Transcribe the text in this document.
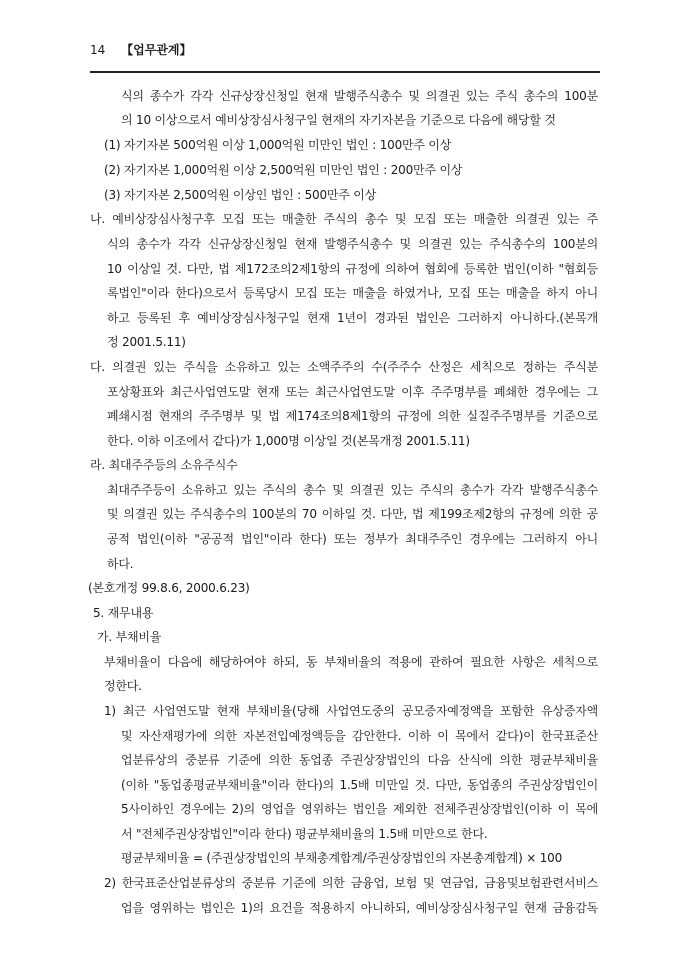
14 【업무관계】
식의 종수가 각각 신규상장신청일 현재 발행주식총수 및 의결권 있는 주식 총수의 100분
의 10 이상으로서 예비상장심사청구일 현재의 자기자본을 기준으로 다음에 해당할 것
(1) 자기자본 500억원 이상 1,000억원 미만인 법인 : 100만주 이상
(2) 자기자본 1,000억원 이상 2,500억원 미만인 법인 : 200만주 이상
(3) 자기자본 2,500억원 이상인 법인 : 500만주 이상
나. 예비상장심사청구후 모집 또는 매출한 주식의 총수 및 모집 또는 매출한 의결권 있는 주
식의 총수가 각각 신규상장신청일 현재 발행주식총수 및 의결권 있는 주식총수의 100분의
10 이상일 것. 다만, 법 제172조의2제1항의 규정에 의하여 협회에 등록한 법인(이하 "협회등
록법인"이라 한다)으로서 등록당시 모집 또는 매출을 하였거나, 모집 또는 매출을 하지 아니
하고 등록된 후 예비상장심사청구일 현재 1년이 경과된 법인은 그러하지 아니하다.(본목개
정 2001.5.11)
다. 의결권 있는 주식을 소유하고 있는 소액주주의 수(주주수 산정은 세칙으로 정하는 주식분
포상황표와 최근사업연도말 현재 또는 최근사업연도말 이후 주주명부를 폐쇄한 경우에는 그
폐쇄시점 현재의 주주명부 및 법 제174조의8제1항의 규정에 의한 실질주주명부를 기준으로
한다. 이하 이조에서 같다)가 1,000명 이상일 것(본목개정 2001.5.11)
라. 최대주주등의 소유주식수
최대주주등이 소유하고 있는 주식의 총수 및 의결권 있는 주식의 총수가 각각 발행주식총수
및 의결권 있는 주식총수의 100분의 70 이하일 것. 다만, 법 제199조제2항의 규정에 의한 공
공적 법인(이하 "공공적 법인"이라 한다) 또는 정부가 최대주주인 경우에는 그러하지 아니
하다.
(본호개정 99.8.6, 2000.6.23)
5. 재무내용
가. 부채비율
부채비율이 다음에 해당하여야 하되, 동 부채비율의 적용에 관하여 필요한 사항은 세칙으로
정한다.
1) 최근 사업연도말 현재 부채비율(당해 사업연도중의 공모증자예정액을 포함한 유상증자액
및 자산재평가에 의한 자본전입예정액등을 감안한다. 이하 이 목에서 같다)이 한국표준산
업분류상의 중분류 기준에 의한 동업종 주권상장법인의 다음 산식에 의한 평균부채비율
(이하 "동업종평균부채비율"이라 한다)의 1.5배 미만일 것. 다만, 동업종의 주권상장법인이
5사이하인 경우에는 2)의 영업을 영위하는 법인을 제외한 전체주권상장법인(이하 이 목에
서 "전체주권상장법인"이라 한다) 평균부채비율의 1.5배 미만으로 한다.
평균부채비율 = (주권상장법인의 부채총계합계/주권상장법인의 자본총계합계) × 100
2) 한국표준산업분류상의 중분류 기준에 의한 금융업, 보험 및 연금업, 금융및보험관련서비스
업을 영위하는 법인은 1)의 요건을 적용하지 아니하되, 예비상장심사청구일 현재 금융감독
